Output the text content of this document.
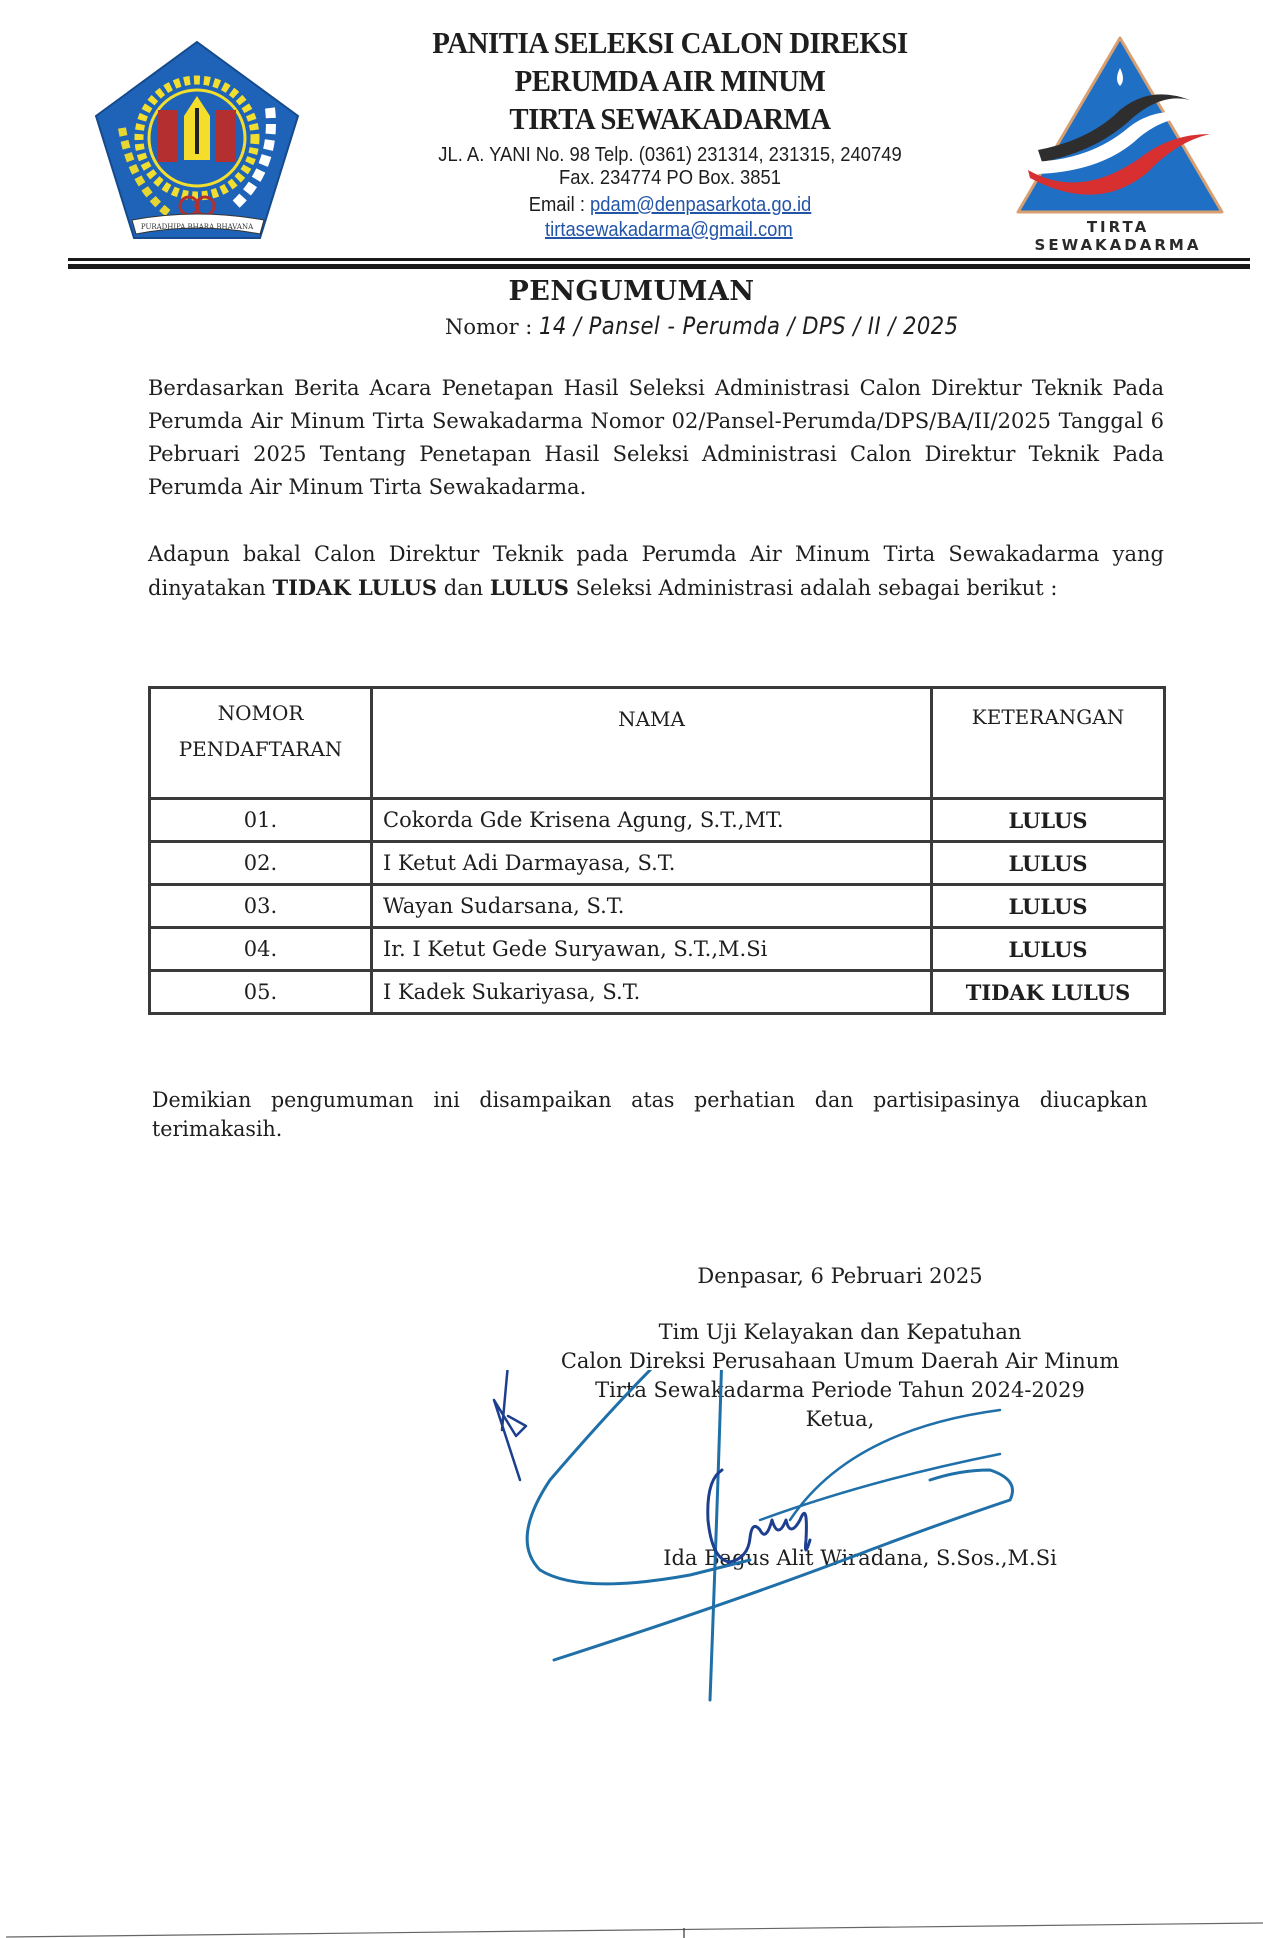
PURADHIPA BHARA BHAVANA
PANITIA SELEKSI CALON DIREKSI
PERUMDA AIR MINUM
TIRTA SEWAKADARMA
JL. A. YANI No. 98 Telp. (0361) 231314, 231315, 240749
Fax. 234774 PO Box. 3851
Email : pdam@denpasarkota.go.id
tirtasewakadarma@gmail.com	TIRTA SEWAKADARMA
PENGUMUMAN
Nomor : 14 / Pansel - Perumda / DPS / II / 2025
Berdasarkan Berita Acara Penetapan Hasil Seleksi Administrasi Calon Direktur Teknik Pada Perumda Air Minum Tirta Sewakadarma Nomor 02/Pansel-Perumda/DPS/BA/II/2025 Tanggal 6 Pebruari 2025 Tentang Penetapan Hasil Seleksi Administrasi Calon Direktur Teknik Pada Perumda Air Minum Tirta Sewakadarma.
Adapun bakal Calon Direktur Teknik pada Perumda Air Minum Tirta Sewakadarma yang dinyatakan TIDAK LULUS dan LULUS Seleksi Administrasi adalah sebagai berikut :
NOMOR
PENDAFTARAN	NAMA	KETERANGAN
01.	Cokorda Gde Krisena Agung, S.T.,MT.	LULUS
02.	I Ketut Adi Darmayasa, S.T.	LULUS
03.	Wayan Sudarsana, S.T.	LULUS
04.	Ir. I Ketut Gede Suryawan, S.T.,M.Si	LULUS
05.	I Kadek Sukariyasa, S.T.	TIDAK LULUS
Demikian pengumuman ini disampaikan atas perhatian dan partisipasinya diucapkan terimakasih.
Denpasar, 6 Pebruari 2025
Tim Uji Kelayakan dan Kepatuhan
Calon Direksi Perusahaan Umum Daerah Air Minum
Tirta Sewakadarma Periode Tahun 2024-2029
Ketua,
Ida Bagus Alit Wiradana, S.Sos.,M.Si
